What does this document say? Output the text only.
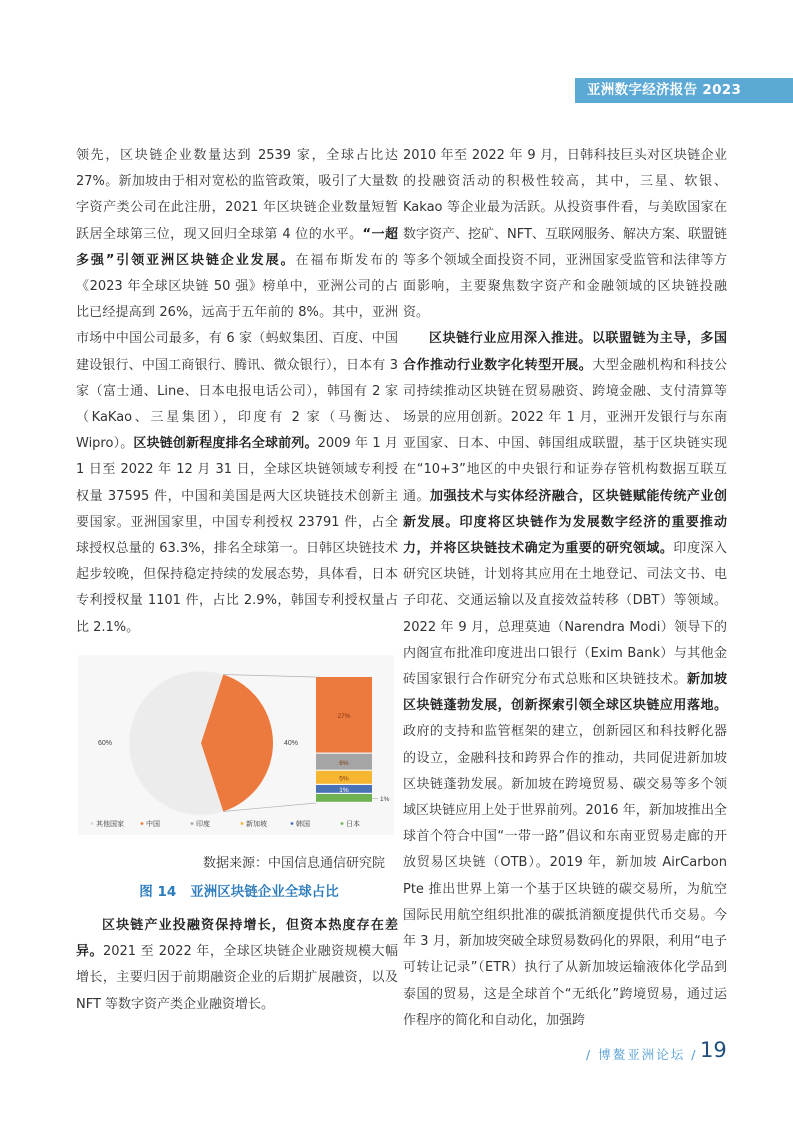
亚洲数字经济报告 2023

领先，区块链企业数量达到 2539 家，全球占比达 27%。新加坡由于相对宽松的监管政策，吸引了大量数字资产类公司在此注册，2021 年区块链企业数量短暂跃居全球第三位，现又回归全球第 4 位的水平。“一超多强”引领亚洲区块链企业发展。在福布斯发布的《2023 年全球区块链 50 强》榜单中，亚洲公司的占比已经提高到 26%，远高于五年前的 8%。其中，亚洲市场中中国公司最多，有 6 家（蚂蚁集团、百度、中国建设银行、中国工商银行、腾讯、微众银行），日本有 3 家（富士通、Line、日本电报电话公司），韩国有 2 家（KaKao、三星集团），印度有 2 家（马衡达、Wipro）。区块链创新程度排名全球前列。2009 年 1 月 1 日至 2022 年 12 月 31 日，全球区块链领域专利授权量 37595 件，中国和美国是两大区块链技术创新主要国家。亚洲国家里，中国专利授权 23791 件，占全球授权总量的 63.3%，排名全球第一。日韩区块链技术起步较晚，但保持稳定持续的发展态势，具体看，日本专利授权量 1101 件，占比 2.9%，韩国专利授权量占比 2.1%。

60%	40%
27%
6%
5%
1%
1%
其他国家	中国	印度	新加坡	韩国	日本
数据来源：中国信息通信研究院
图 14 亚洲区块链企业全球占比

区块链产业投融资保持增长，但资本热度存在差异。2021 至 2022 年，全球区块链企业融资规模大幅增长，主要归因于前期融资企业的后期扩展融资，以及 NFT 等数字资产类企业融资增长。

2010 年至 2022 年 9 月，日韩科技巨头对区块链企业的投融资活动的积极性较高，其中，三星、软银、Kakao 等企业最为活跃。从投资事件看，与美欧国家在数字资产、挖矿、NFT、互联网服务、解决方案、联盟链等多个领域全面投资不同，亚洲国家受监管和法律等方面影响，主要聚焦数字资产和金融领域的区块链投融资。

区块链行业应用深入推进。以联盟链为主导，多国合作推动行业数字化转型开展。大型金融机构和科技公司持续推动区块链在贸易融资、跨境金融、支付清算等场景的应用创新。2022 年 1 月，亚洲开发银行与东南亚国家、日本、中国、韩国组成联盟，基于区块链实现在“10+3”地区的中央银行和证券存管机构数据互联互通。加强技术与实体经济融合，区块链赋能传统产业创新发展。印度将区块链作为发展数字经济的重要推动力，并将区块链技术确定为重要的研究领域。印度深入研究区块链，计划将其应用在土地登记、司法文书、电子印花、交通运输以及直接效益转移（DBT）等领域。2022 年 9 月，总理莫迪（Narendra Modi）领导下的内阁宣布批准印度进出口银行（Exim Bank）与其他金砖国家银行合作研究分布式总账和区块链技术。新加坡区块链蓬勃发展，创新探索引领全球区块链应用落地。政府的支持和监管框架的建立，创新园区和科技孵化器的设立，金融科技和跨界合作的推动，共同促进新加坡区块链蓬勃发展。新加坡在跨境贸易、碳交易等多个领域区块链应用上处于世界前列。2016 年，新加坡推出全球首个符合中国“一带一路”倡议和东南亚贸易走廊的开放贸易区块链（OTB）。2019 年，新加坡 AirCarbon Pte 推出世界上第一个基于区块链的碳交易所，为航空国际民用航空组织批准的碳抵消额度提供代币交易。今年 3 月，新加坡突破全球贸易数码化的界限，利用“电子可转让记录”（ETR）执行了从新加坡运输液体化学品到泰国的贸易，这是全球首个“无纸化”跨境贸易，通过运作程序的简化和自动化，加强跨

/ 博鳌亚洲论坛 / 19
